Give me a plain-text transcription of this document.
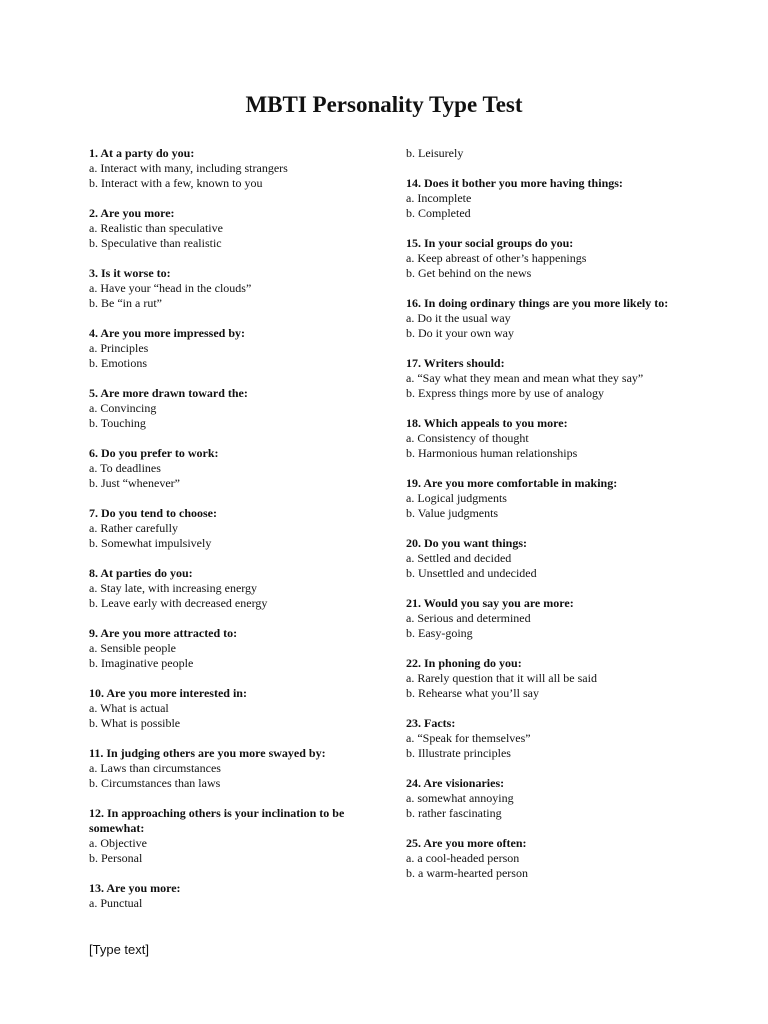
MBTI Personality Type Test
1. At a party do you:
a. Interact with many, including strangers
b. Interact with a few, known to you
2. Are you more:
a. Realistic than speculative
b. Speculative than realistic
3. Is it worse to:
a. Have your “head in the clouds”
b. Be “in a rut”
4. Are you more impressed by:
a. Principles
b. Emotions
5. Are more drawn toward the:
a. Convincing
b. Touching
6. Do you prefer to work:
a. To deadlines
b. Just “whenever”
7. Do you tend to choose:
a. Rather carefully
b. Somewhat impulsively
8. At parties do you:
a. Stay late, with increasing energy
b. Leave early with decreased energy
9. Are you more attracted to:
a. Sensible people
b. Imaginative people
10. Are you more interested in:
a. What is actual
b. What is possible
11. In judging others are you more swayed by:
a. Laws than circumstances
b. Circumstances than laws
12. In approaching others is your inclination to be somewhat:
a. Objective
b. Personal
13. Are you more:
a. Punctual
b. Leisurely
14. Does it bother you more having things:
a. Incomplete
b. Completed
15. In your social groups do you:
a. Keep abreast of other’s happenings
b. Get behind on the news
16. In doing ordinary things are you more likely to:
a. Do it the usual way
b. Do it your own way
17. Writers should:
a. “Say what they mean and mean what they say”
b. Express things more by use of analogy
18. Which appeals to you more:
a. Consistency of thought
b. Harmonious human relationships
19. Are you more comfortable in making:
a. Logical judgments
b. Value judgments
20. Do you want things:
a. Settled and decided
b. Unsettled and undecided
21. Would you say you are more:
a. Serious and determined
b. Easy-going
22. In phoning do you:
a. Rarely question that it will all be said
b. Rehearse what you’ll say
23. Facts:
a. “Speak for themselves”
b. Illustrate principles
24. Are visionaries:
a. somewhat annoying
b. rather fascinating
25. Are you more often:
a. a cool-headed person
b. a warm-hearted person
[Type text]
